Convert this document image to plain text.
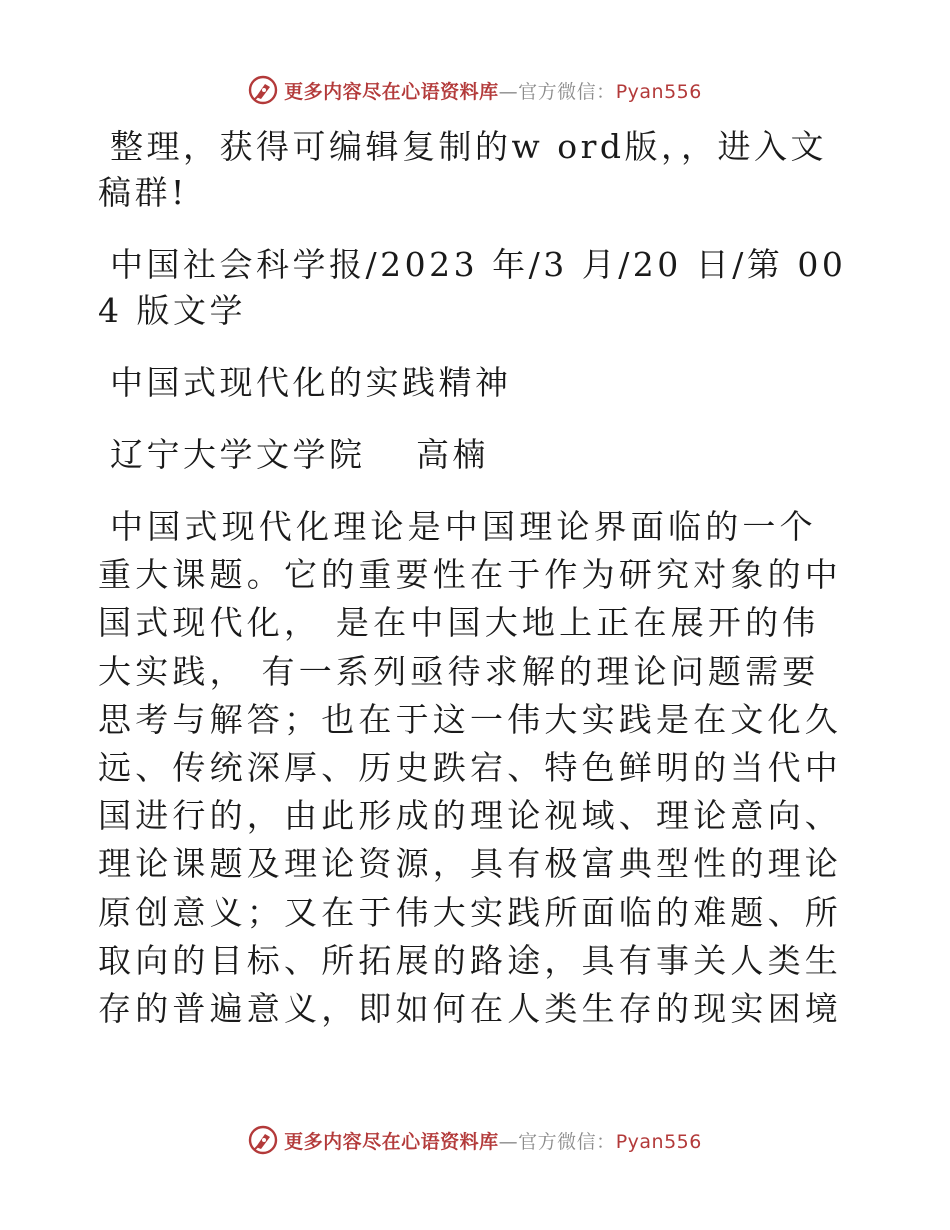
更多内容尽在心语资料库—官方微信：Pyan556

整理，获得可编辑复制的w ord版，，进入文稿群!

中国社会科学报/2023 年/3 月/20 日/第 004 版文学

中国式现代化的实践精神

辽宁大学文学院　 高楠

中国式现代化理论是中国理论界面临的一个重大课题。它的重要性在于作为研究对象的中国式现代化， 是在中国大地上正在展开的伟大实践， 有一系列亟待求解的理论问题需要思考与解答；也在于这一伟大实践是在文化久远、传统深厚、历史跌宕、特色鲜明的当代中国进行的，由此形成的理论视域、理论意向、理论课题及理论资源，具有极富典型性的理论原创意义；又在于伟大实践所面临的难题、所取向的目标、所拓展的路途，具有事关人类生存的普遍意义，即如何在人类生存的现实困境

更多内容尽在心语资料库—官方微信：Pyan556
